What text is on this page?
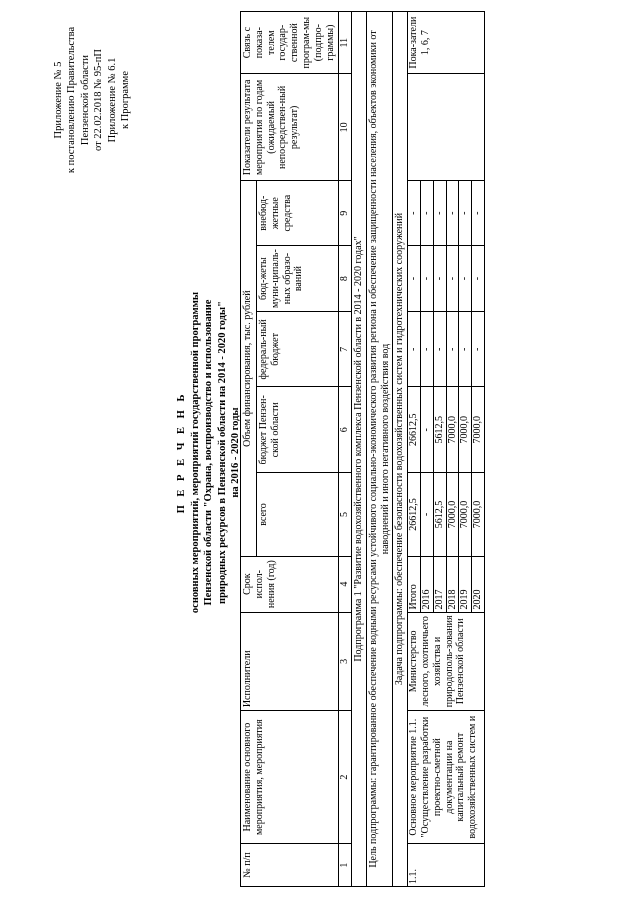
Приложение № 5 к постановлению Правительства Пензенской области от 22.02.2018 № 95-пП Приложение № 6.1 к Программе
П Е Р Е Ч Е Н Ь основных мероприятий, мероприятий государственной программы Пензенской области "Охрана, воспроизводство и использование природных ресурсов в Пензенской области на 2014 - 2020 годы" на 2016 - 2020 годы
№ п/п	Наименование основного мероприятия, мероприятия	Исполнители	Срок испол-нения (год)	Объем финансирования, тыс. рублей					Показатели результата мероприятия по годам (ожидаемый непосредствен-ный результат)	Связь с показа-телем государ-ственной програм-мы (подпро-граммы)
				всего	бюджет Пензен-ской области	федераль-ный бюджет	бюд-жеты муни-ципаль-ных образо-ваний	внебюд-жетные средства		
1	2	3	4	5	6	7	8	9	10	11
Подпрограмма 1 "Развитие водохозяйственного комплекса Пензенской области в 2014 - 2020 годах"										
Цель подпрограммы: гарантированное обеспечение водными ресурсами устойчивого социально-экономического развития региона и обеспечение защищенности населения, объектов экономики от наводнений и иного негативного воздействия вод										
Задача подпрограммы: обеспечение безопасности водохозяйственных систем и гидротехнических сооружений										
1.1.	Основное мероприятие 1.1. "Осуществление разработки проектно-сметной документации на капитальный ремонт водохозяйственных систем и	Министерство лесного, охотничьего хозяйства и природополь-зования Пензенской области	Итого	26612,5	26612,5	-	-	-		Пока-затели 1, 6, 7
			2016	-	-	-	-	-		
			2017	5612,5	5612,5	-	-	-		
			2018	7000,0	7000,0	-	-	-		
			2019	7000,0	7000,0	-	-	-		
			2020	7000,0	7000,0	-	-	-		
